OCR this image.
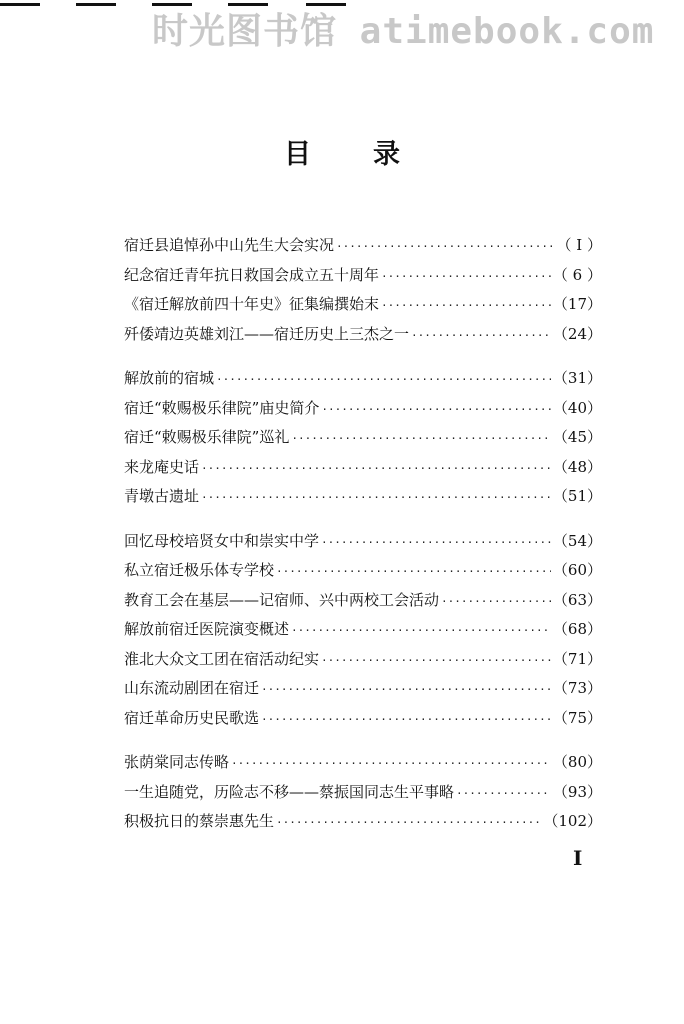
时光图书馆 atimebook.com
目录
宿迁县追悼孙中山先生大会实况 ·····	（ I ）
纪念宿迁青年抗日救国会成立五十周年 ·····	（ 6 ）
《宿迁解放前四十年史》征集编撰始末 ·····	（17）
歼倭靖边英雄刘江——宿迁历史上三杰之一 ·····	（24）
解放前的宿城 ·····	（31）
宿迁“敕赐极乐律院”庙史简介 ·····	（40）
宿迁“敕赐极乐律院”巡礼 ·····	（45）
来龙庵史话 ·····	（48）
青墩古遗址 ·····	（51）
回忆母校培贤女中和崇实中学 ·····	（54）
私立宿迁极乐体专学校 ·····	（60）
教育工会在基层——记宿师、兴中两校工会活动 ·····	（63）
解放前宿迁医院演变概述 ·····	（68）
淮北大众文工团在宿活动纪实 ·····	（71）
山东流动剧团在宿迁 ·····	（73）
宿迁革命历史民歌选 ·····	（75）
张荫棠同志传略 ·····	（80）
一生追随党，历险志不移——蔡振国同志生平事略 ·····	（93）
积极抗日的蔡崇惠先生 ·····	（102）
I
